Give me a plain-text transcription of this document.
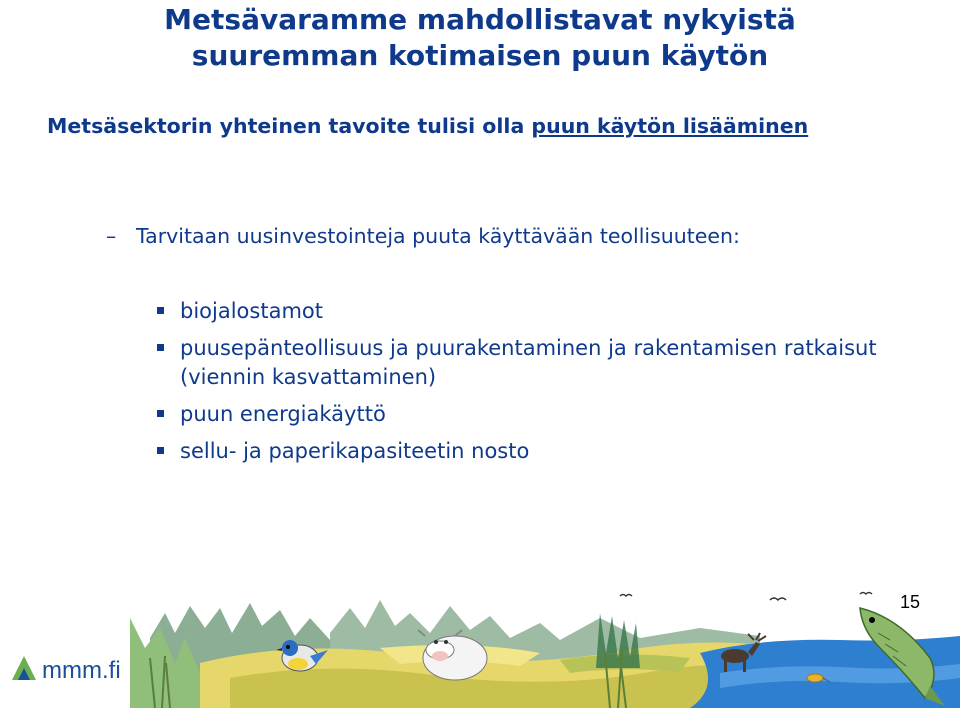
Metsävaramme mahdollistavat nykyistä
suuremman kotimaisen puun käytön
Metsäsektorin yhteinen tavoite tulisi olla puun käytön lisääminen
– Tarvitaan uusinvestointeja puuta käyttävään teollisuuteen:
biojalostamot
puusepänteollisuus ja puurakentaminen ja rakentamisen ratkaisut (viennin kasvattaminen)
puun energiakäyttö
sellu- ja paperikapasiteetin nosto
mmm.fi
15
